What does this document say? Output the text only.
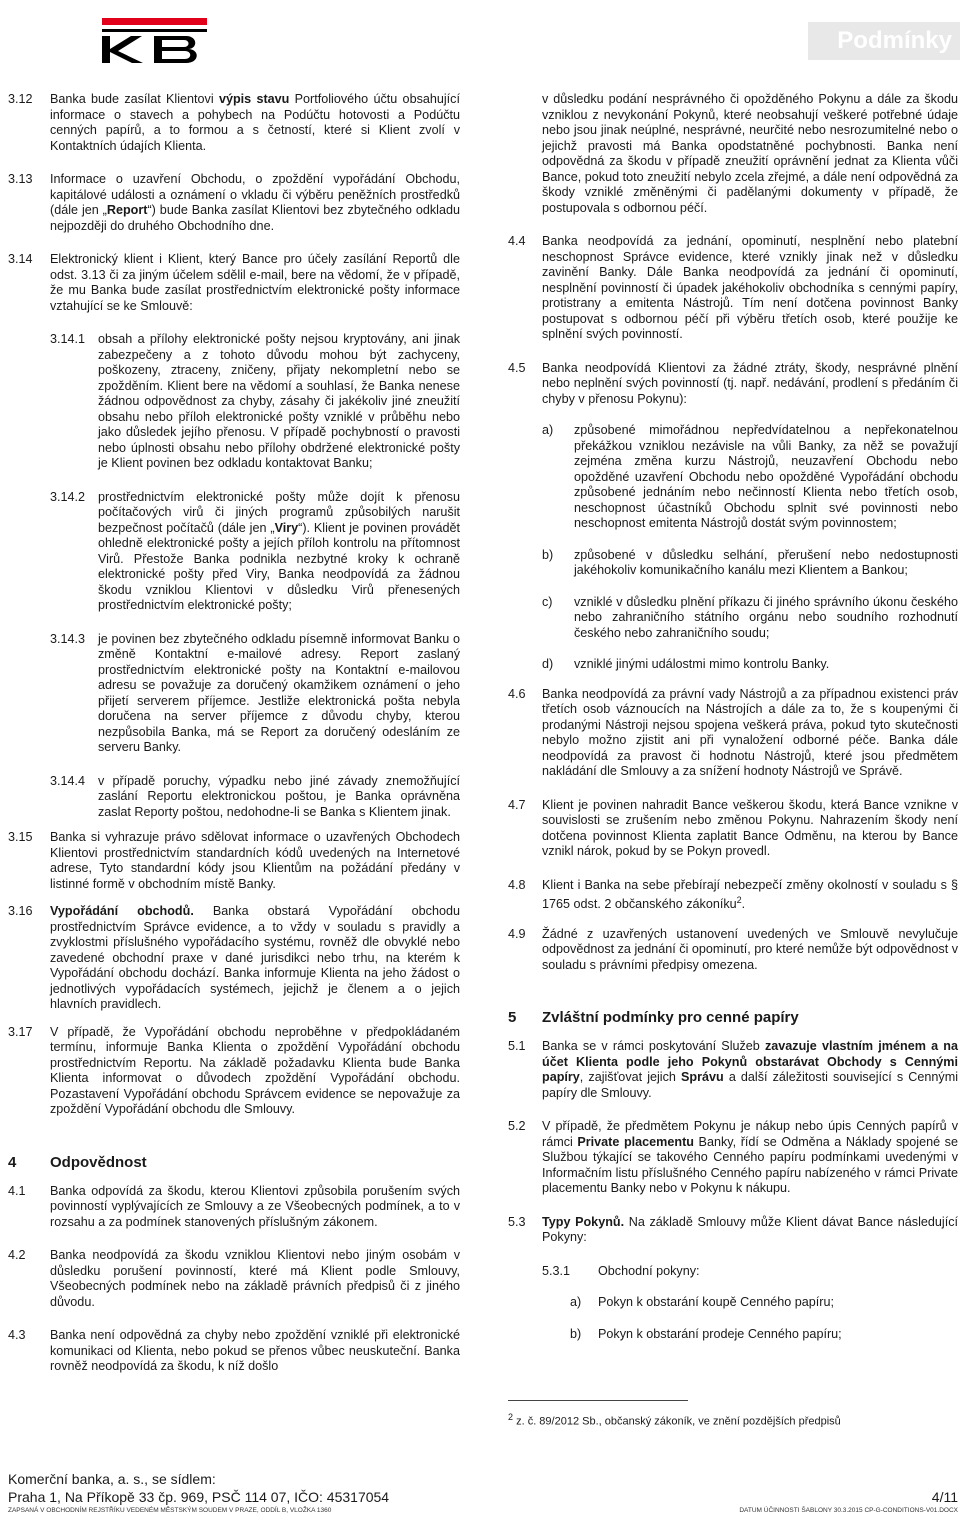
Podmínky
3.12 Banka bude zasílat Klientovi výpis stavu Portfoliového účtu obsahující informace o stavech a pohybech na Podúčtu hotovosti a Podúčtu cenných papírů, a to formou a s četností, které si Klient zvolí v Kontaktních údajích Klienta.
3.13 Informace o uzavření Obchodu, o zpoždění vypořádání Obchodu, kapitálové události a oznámení o vkladu či výběru peněžních prostředků (dále jen „Report“) bude Banka zasílat Klientovi bez zbytečného odkladu nejpozději do druhého Obchodního dne.
3.14 Elektronický klient i Klient, který Bance pro účely zasílání Reportů dle odst. 3.13 či za jiným účelem sdělil e-mail, bere na vědomí, že v případě, že mu Banka bude zasílat prostřednictvím elektronické pošty informace vztahující se ke Smlouvě:
3.14.1 obsah a přílohy elektronické pošty nejsou kryptovány, ani jinak zabezpečeny a z tohoto důvodu mohou být zachyceny, poškozeny, ztraceny, zničeny, přijaty nekompletní nebo se zpožděním. Klient bere na vědomí a souhlasí, že Banka nenese žádnou odpovědnost za chyby, zásahy či jakékoliv jiné zneužití obsahu nebo příloh elektronické pošty vzniklé v průběhu nebo jako důsledek jejího přenosu. V případě pochybností o pravosti nebo úplnosti obsahu nebo přílohy obdržené elektronické pošty je Klient povinen bez odkladu kontaktovat Banku;
3.14.2 prostřednictvím elektronické pošty může dojít k přenosu počítačových virů či jiných programů způsobilých narušit bezpečnost počítačů (dále jen „Viry“). Klient je povinen provádět ohledně elektronické pošty a jejích příloh kontrolu na přítomnost Virů. Přestože Banka podnikla nezbytné kroky k ochraně elektronické pošty před Viry, Banka neodpovídá za žádnou škodu vzniklou Klientovi v důsledku Virů přenesených prostřednictvím elektronické pošty;
3.14.3 je povinen bez zbytečného odkladu písemně informovat Banku o změně Kontaktní e-mailové adresy. Report zaslaný prostřednictvím elektronické pošty na Kontaktní e-mailovou adresu se považuje za doručený okamžikem oznámení o jeho přijetí serverem příjemce. Jestliže elektronická pošta nebyla doručena na server příjemce z důvodu chyby, kterou nezpůsobila Banka, má se Report za doručený odesláním ze serveru Banky.
3.14.4 v případě poruchy, výpadku nebo jiné závady znemožňující zaslání Reportu elektronickou poštou, je Banka oprávněna zaslat Reporty poštou, nedohodne-li se Banka s Klientem jinak.
3.15 Banka si vyhrazuje právo sdělovat informace o uzavřených Obchodech Klientovi prostřednictvím standardních kódů uvedených na Internetové adrese, Tyto standardní kódy jsou Klientům na požádání předány v listinné formě v obchodním místě Banky.
3.16 Vypořádání obchodů. Banka obstará Vypořádání obchodu prostřednictvím Správce evidence, a to vždy v souladu s pravidly a zvyklostmi příslušného vypořádacího systému, rovněž dle obvyklé nebo zavedené obchodní praxe v dané jurisdikci nebo trhu, na kterém k Vypořádání obchodu dochází. Banka informuje Klienta na jeho žádost o jednotlivých vypořádacích systémech, jejichž je členem a o jejich hlavních pravidlech.
3.17 V případě, že Vypořádání obchodu neproběhne v předpokládaném termínu, informuje Banka Klienta o zpoždění Vypořádání obchodu prostřednictvím Reportu. Na základě požadavku Klienta bude Banka Klienta informovat o důvodech zpoždění Vypořádání obchodu. Pozastavení Vypořádání obchodu Správcem evidence se nepovažuje za zpoždění Vypořádání obchodu dle Smlouvy.
4 Odpovědnost
4.1 Banka odpovídá za škodu, kterou Klientovi způsobila porušením svých povinností vyplývajících ze Smlouvy a ze Všeobecných podmínek, a to v rozsahu a za podmínek stanovených příslušným zákonem.
4.2 Banka neodpovídá za škodu vzniklou Klientovi nebo jiným osobám v důsledku porušení povinností, které má Klient podle Smlouvy, Všeobecných podmínek nebo na základě právních předpisů či z jiného důvodu.
4.3 Banka není odpovědná za chyby nebo zpoždění vzniklé při elektronické komunikaci od Klienta, nebo pokud se přenos vůbec neuskuteční. Banka rovněž neodpovídá za škodu, k níž došlo
v důsledku podání nesprávného či opožděného Pokynu a dále za škodu vzniklou z nevykonání Pokynů, které neobsahují veškeré potřebné údaje nebo jsou jinak neúplné, nesprávné, neurčité nebo nesrozumitelné nebo o jejichž pravosti má Banka opodstatněné pochybnosti. Banka není odpovědná za škodu v případě zneužití oprávnění jednat za Klienta vůči Bance, pokud toto zneužití nebylo zcela zřejmé, a dále není odpovědná za škody vzniklé změněnými či padělanými dokumenty v případě, že postupovala s odbornou péčí.
4.4 Banka neodpovídá za jednání, opominutí, nesplnění nebo platební neschopnost Správce evidence, které vznikly jinak než v důsledku zavinění Banky. Dále Banka neodpovídá za jednání či opominutí, nesplnění povinností či úpadek jakéhokoliv obchodníka s cennými papíry, protistrany a emitenta Nástrojů. Tím není dotčena povinnost Banky postupovat s odbornou péčí při výběru třetích osob, které použije ke splnění svých povinností.
4.5 Banka neodpovídá Klientovi za žádné ztráty, škody, nesprávné plnění nebo neplnění svých povinností (tj. např. nedávání, prodlení s předáním či chyby v přenosu Pokynu):
a) způsobené mimořádnou nepředvídatelnou a nepřekonatelnou překážkou vzniklou nezávisle na vůli Banky, za něž se považují zejména změna kurzu Nástrojů, neuzavření Obchodu nebo opožděné uzavření Obchodu nebo opožděné Vypořádání obchodu způsobené jednáním nebo nečinností Klienta nebo třetích osob, neschopnost účastníků Obchodu splnit své povinnosti nebo neschopnost emitenta Nástrojů dostát svým povinnostem;
b) způsobené v důsledku selhání, přerušení nebo nedostupnosti jakéhokoliv komunikačního kanálu mezi Klientem a Bankou;
c) vzniklé v důsledku plnění příkazu či jiného správního úkonu českého nebo zahraničního státního orgánu nebo soudního rozhodnutí českého nebo zahraničního soudu;
d) vzniklé jinými událostmi mimo kontrolu Banky.
4.6 Banka neodpovídá za právní vady Nástrojů a za případnou existenci práv třetích osob váznoucích na Nástrojích a dále za to, že s koupenými či prodanými Nástroji nejsou spojena veškerá práva, pokud tyto skutečnosti nebylo možno zjistit ani při vynaložení odborné péče. Banka dále neodpovídá za pravost či hodnotu Nástrojů, které jsou předmětem nakládání dle Smlouvy a za snížení hodnoty Nástrojů ve Správě.
4.7 Klient je povinen nahradit Bance veškerou škodu, která Bance vznikne v souvislosti se zrušením nebo změnou Pokynu. Nahrazením škody není dotčena povinnost Klienta zaplatit Bance Odměnu, na kterou by Bance vznikl nárok, pokud by se Pokyn provedl.
4.8 Klient i Banka na sebe přebírají nebezpečí změny okolností v souladu s § 1765 odst. 2 občanského zákoníku$^2$.
4.9 Žádné z uzavřených ustanovení uvedených ve Smlouvě nevylučuje odpovědnost za jednání či opominutí, pro které nemůže být odpovědnost v souladu s právními předpisy omezena.
5 Zvláštní podmínky pro cenné papíry
5.1 Banka se v rámci poskytování Služeb zavazuje vlastním jménem a na účet Klienta podle jeho Pokynů obstarávat Obchody s Cennými papíry, zajišťovat jejich Správu a další záležitosti související s Cennými papíry dle Smlouvy.
5.2 V případě, že předmětem Pokynu je nákup nebo úpis Cenných papírů v rámci Private placementu Banky, řídí se Odměna a Náklady spojené se Službou týkající se takového Cenného papíru podmínkami uvedenými v Informačním listu příslušného Cenného papíru nabízeného v rámci Private placementu Banky nebo v Pokynu k nákupu.
5.3 Typy Pokynů. Na základě Smlouvy může Klient dávat Bance následující Pokyny:
5.3.1 Obchodní pokyny:
a) Pokyn k obstarání koupě Cenného papíru;
b) Pokyn k obstarání prodeje Cenného papíru;
$^2$ z. č. 89/2012 Sb., občanský zákoník, ve znění pozdějších předpisů
Komerční banka, a. s., se sídlem:
Praha 1, Na Příkopě 33 čp. 969, PSČ 114 07, IČO: 45317054	4/11
ZAPSANÁ V OBCHODNÍM REJSTŘÍKU VEDENÉM MĚSTSKÝM SOUDEM V PRAZE, ODDÍL B, VLOŽKA 1360	DATUM ÚČINNOSTI ŠABLONY 30.3.2015 CP-G-CONDITIONS-V01.DOCX
